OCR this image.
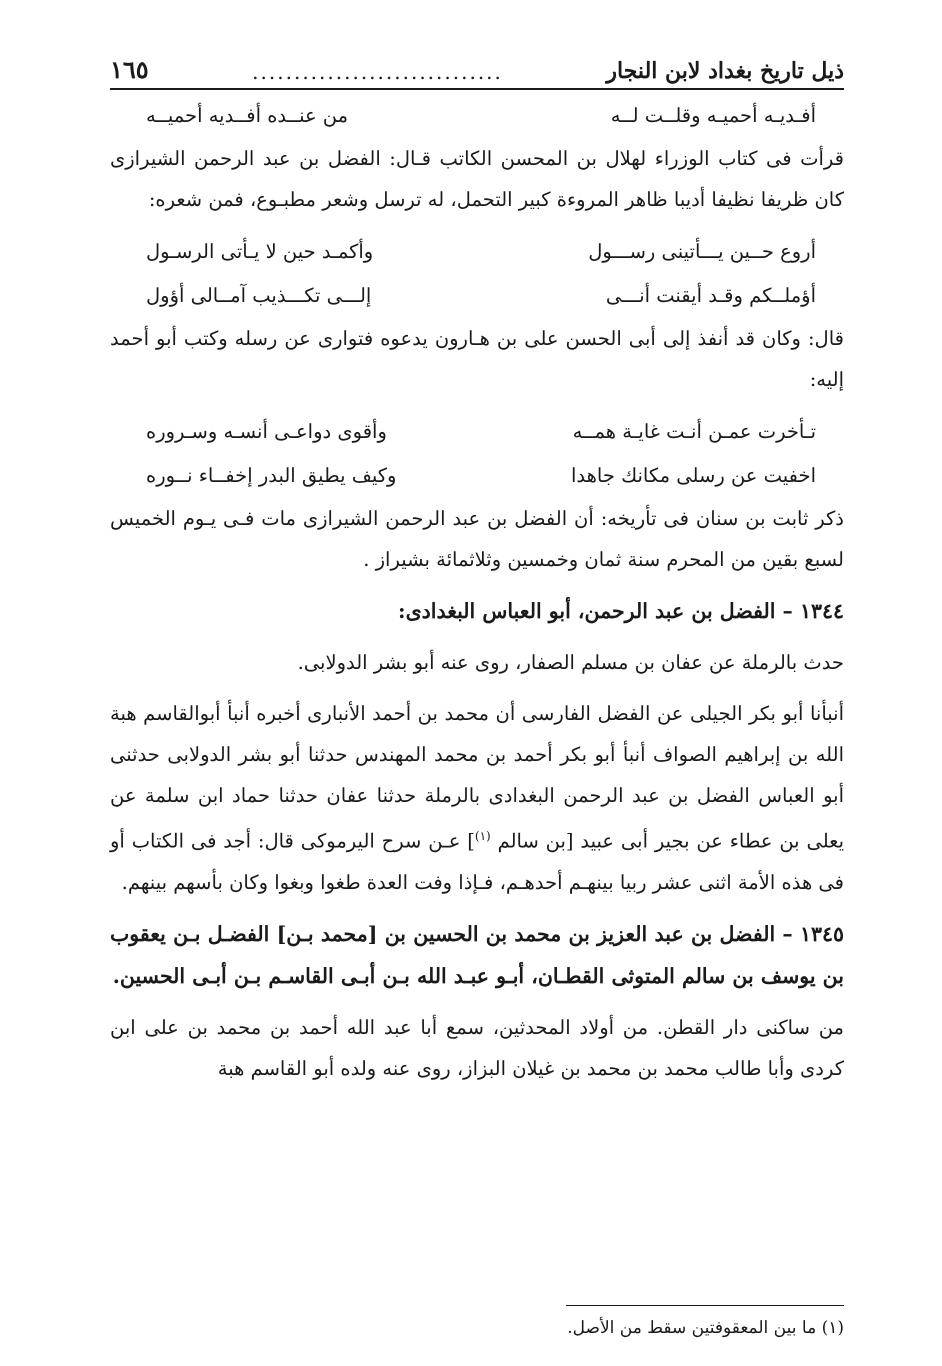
ذيل تاريخ بغداد لابن النجار
..............................
١٦٥
أفـديـه أحميـه وقلــت لــه
من عنــده أفــديه أحميــه

قرأت فى كتاب الوزراء لهلال بن المحسن الكاتب قـال: الفضل بن عبد الرحمن الشيرازى كان ظريفا نظيفا أديبا ظاهر المروءة كبير التحمل، له ترسل وشعر مطبـوع، فمن شعره:

أروع حــين يـــأتينى رســـول
وأكمـد حين لا يـأتى الرسـول
أؤملــكم وقـد أيقنت أنـــى
إلـــى تكـــذيب آمــالى أؤول

قال: وكان قد أنفذ إلى أبى الحسن على بن هـارون يدعوه فتوارى عن رسله وكتب أبو أحمد إليه:

تـأخرت عمـن أنـت غايـة همــه
وأقوى دواعـى أنسـه وسـروره
اخفيت عن رسلى مكانك جاهدا
وكيف يطيق البدر إخفــاء نــوره

ذكر ثابت بن سنان فى تأريخه: أن الفضل بن عبد الرحمن الشيرازى مات فـى يـوم الخميس لسبع بقين من المحرم سنة ثمان وخمسين وثلاثمائة بشيراز .

١٣٤٤ – الفضل بن عبد الرحمن، أبو العباس البغدادى:

حدث بالرملة عن عفان بن مسلم الصفار، روى عنه أبو بشر الدولابى.

أنبأنا أبو بكر الجيلى عن الفضل الفارسى أن محمد بن أحمد الأنبارى أخبره أنبأ أبوالقاسم هبة الله بن إبراهيم الصواف أنبأ أبو بكر أحمد بن محمد المهندس حدثنا أبو بشر الدولابى حدثنى أبو العباس الفضل بن عبد الرحمن البغدادى بالرملة حدثنا عفان حدثنا حماد ابن سلمة عن يعلى بن عطاء عن بجير أبى عبيد [بن سالم $^{(١)}$] عـن سرح اليرموكى قال: أجد فى الكتاب أو فى هذه الأمة اثنى عشر ربيا بينهـم أحدهـم، فـإذا وفت العدة طغوا وبغوا وكان بأسهم بينهم.

١٣٤٥ – الفضل بن عبد العزيز بن محمد بن الحسين بن [محمد بـن] الفضـل بـن يعقوب بن يوسف بن سالم المتوثى القطـان، أبـو عبـد الله بـن أبـى القاسـم بـن أبـى الحسين.

من ساكنى دار القطن. من أولاد المحدثين، سمع أبا عبد الله أحمد بن محمد بن على ابن كردى وأبا طالب محمد بن محمد بن غيلان البزاز، روى عنه ولده أبو القاسم هبة

(١) ما بين المعقوفتين سقط من الأصل.
